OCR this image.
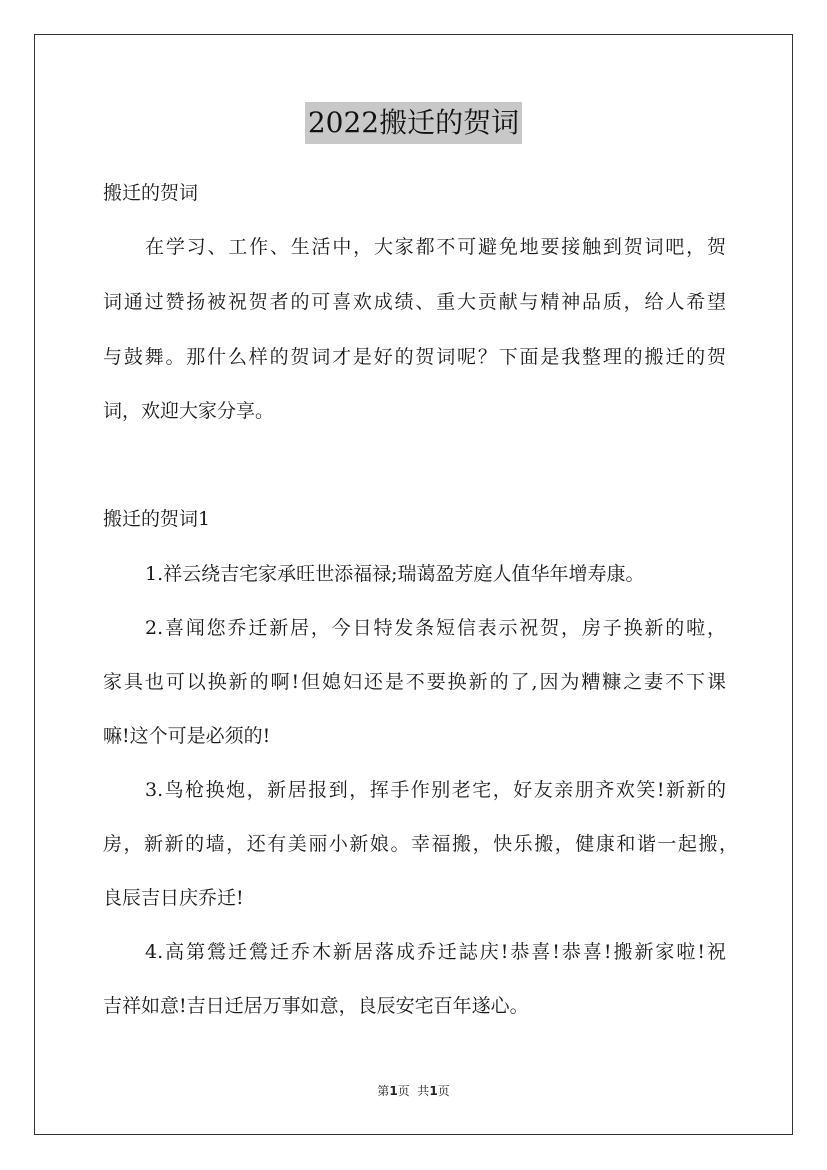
2022搬迁的贺词
搬迁的贺词
在学习、工作、生活中，大家都不可避免地要接触到贺词吧，贺
词通过赞扬被祝贺者的可喜欢成绩、重大贡献与精神品质，给人希望
与鼓舞。那什么样的贺词才是好的贺词呢？下面是我整理的搬迁的贺
词，欢迎大家分享。
搬迁的贺词1
1.祥云绕吉宅家承旺世添福禄;瑞蔼盈芳庭人值华年增寿康。
2.喜闻您乔迁新居，今日特发条短信表示祝贺，房子换新的啦，
家具也可以换新的啊!但媳妇还是不要换新的了,因为糟糠之妻不下课
嘛!这个可是必须的!
3.鸟枪换炮，新居报到，挥手作别老宅，好友亲朋齐欢笑!新新的
房，新新的墙，还有美丽小新娘。幸福搬，快乐搬，健康和谐一起搬，
良辰吉日庆乔迁!
4.高第鶯迁鶯迁乔木新居落成乔迁誌庆!恭喜!恭喜!搬新家啦!祝
吉祥如意!吉日迁居万事如意，良辰安宅百年遂心。
第1页  共1页
